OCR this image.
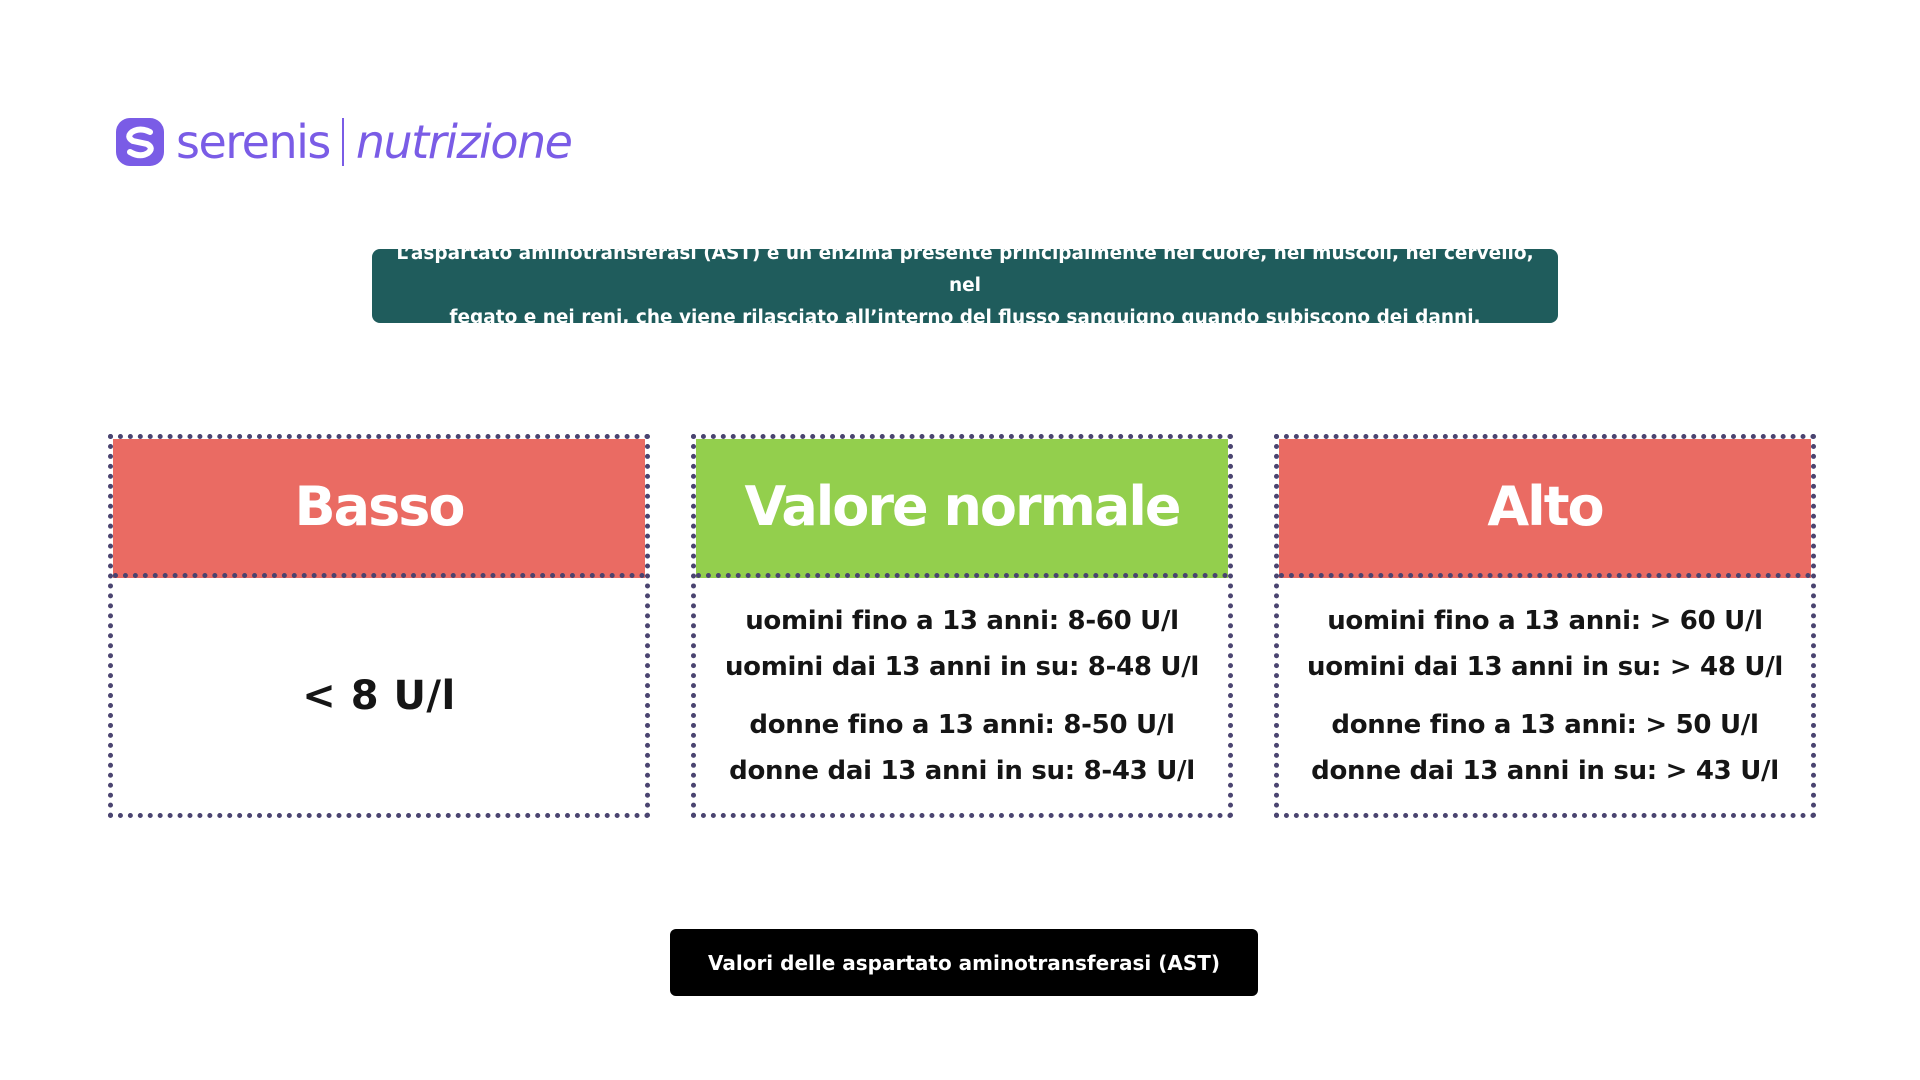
serenis nutrizione

L’aspartato aminotransferasi (AST) è un enzima presente principalmente nel cuore, nei muscoli, nel cervello, nel
fegato e nei reni, che viene rilasciato all’interno del flusso sanguigno quando subiscono dei danni.

Basso
< 8 U/l
Valore normale
uomini fino a 13 anni: 8-60 U/l
uomini dai 13 anni in su: 8-48 U/l
donne fino a 13 anni: 8-50 U/l
donne dai 13 anni in su: 8-43 U/l
Alto
uomini fino a 13 anni: > 60 U/l
uomini dai 13 anni in su: > 48 U/l
donne fino a 13 anni: > 50 U/l
donne dai 13 anni in su: > 43 U/l
Valori delle aspartato aminotransferasi (AST)
